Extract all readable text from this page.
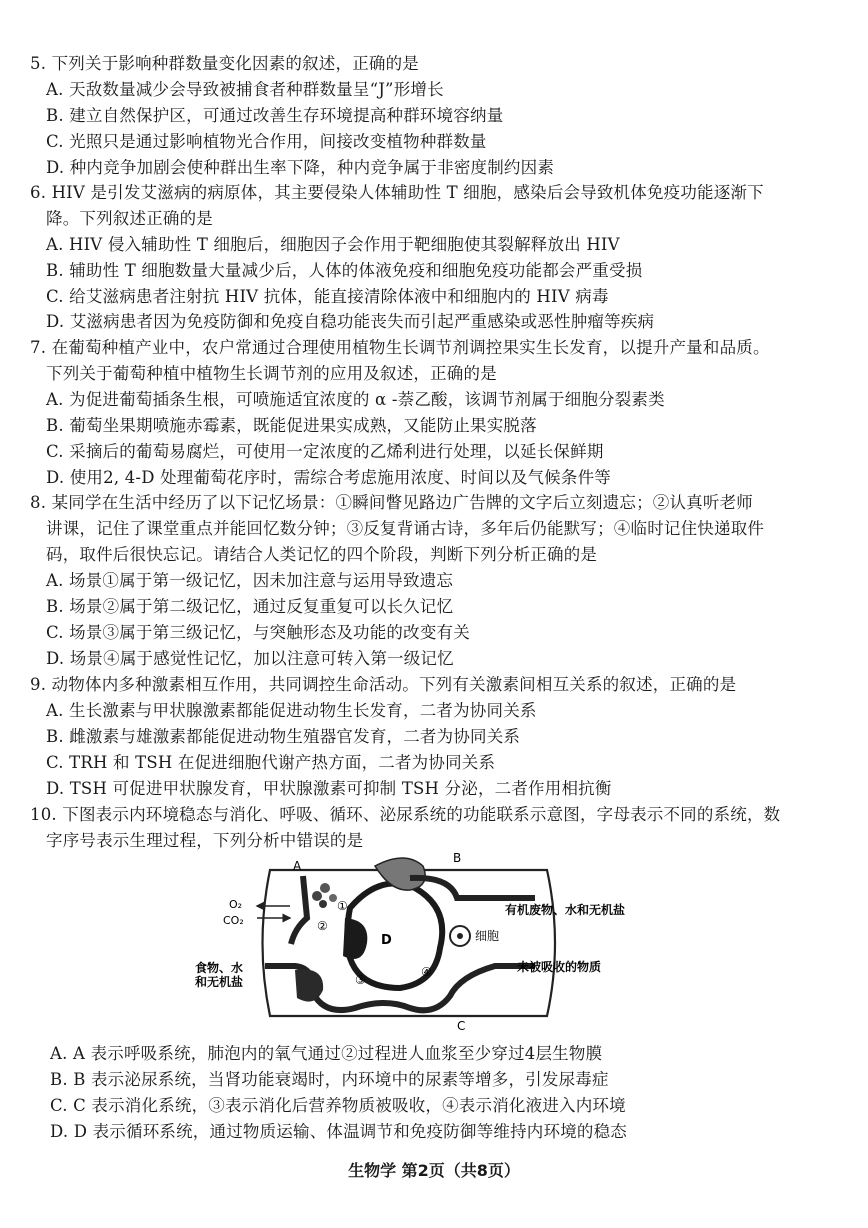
5. 下列关于影响种群数量变化因素的叙述，正确的是
A. 天敌数量减少会导致被捕食者种群数量呈“J”形增长
B. 建立自然保护区，可通过改善生存环境提高种群环境容纳量
C. 光照只是通过影响植物光合作用，间接改变植物种群数量
D. 种内竞争加剧会使种群出生率下降，种内竞争属于非密度制约因素
6. HIV 是引发艾滋病的病原体，其主要侵染人体辅助性 T 细胞，感染后会导致机体免疫功能逐渐下
降。下列叙述正确的是
A. HIV 侵入辅助性 T 细胞后，细胞因子会作用于靶细胞使其裂解释放出 HIV
B. 辅助性 T 细胞数量大量减少后，人体的体液免疫和细胞免疫功能都会严重受损
C. 给艾滋病患者注射抗 HIV 抗体，能直接清除体液中和细胞内的 HIV 病毒
D. 艾滋病患者因为免疫防御和免疫自稳功能丧失而引起严重感染或恶性肿瘤等疾病
7. 在葡萄种植产业中，农户常通过合理使用植物生长调节剂调控果实生长发育，以提升产量和品质。
下列关于葡萄种植中植物生长调节剂的应用及叙述，正确的是
A. 为促进葡萄插条生根，可喷施适宜浓度的 α -萘乙酸，该调节剂属于细胞分裂素类
B. 葡萄坐果期喷施赤霉素，既能促进果实成熟，又能防止果实脱落
C. 采摘后的葡萄易腐烂，可使用一定浓度的乙烯利进行处理，以延长保鲜期
D. 使用2, 4-D 处理葡萄花序时，需综合考虑施用浓度、时间以及气候条件等
8. 某同学在生活中经历了以下记忆场景：①瞬间瞥见路边广告牌的文字后立刻遗忘；②认真听老师
讲课，记住了课堂重点并能回忆数分钟；③反复背诵古诗，多年后仍能默写；④临时记住快递取件
码，取件后很快忘记。请结合人类记忆的四个阶段，判断下列分析正确的是
A. 场景①属于第一级记忆，因未加注意与运用导致遗忘
B. 场景②属于第二级记忆，通过反复重复可以长久记忆
C. 场景③属于第三级记忆，与突触形态及功能的改变有关
D. 场景④属于感觉性记忆，加以注意可转入第一级记忆
9. 动物体内多种激素相互作用，共同调控生命活动。下列有关激素间相互关系的叙述，正确的是
A. 生长激素与甲状腺激素都能促进动物生长发育，二者为协同关系
B. 雌激素与雄激素都能促进动物生殖器官发育，二者为协同关系
C. TRH 和 TSH 在促进细胞代谢产热方面，二者为协同关系
D. TSH 可促进甲状腺发育，甲状腺激素可抑制 TSH 分泌，二者作用相抗衡
10. 下图表示内环境稳态与消化、呼吸、循环、泌尿系统的功能联系示意图，字母表示不同的系统，数
字序号表示生理过程，下列分析中错误的是
A
B
C
D
O₂
CO₂
①
②
③
④
细胞
有机废物、水和无机盐
食物、水
和无机盐
未被吸收的物质
A. A 表示呼吸系统，肺泡内的氧气通过②过程进人血浆至少穿过4层生物膜
B. B 表示泌尿系统，当肾功能衰竭时，内环境中的尿素等增多，引发尿毒症
C. C 表示消化系统，③表示消化后营养物质被吸收，④表示消化液进入内环境
D. D 表示循环系统，通过物质运输、体温调节和免疫防御等维持内环境的稳态
生物学 第2页（共8页）
